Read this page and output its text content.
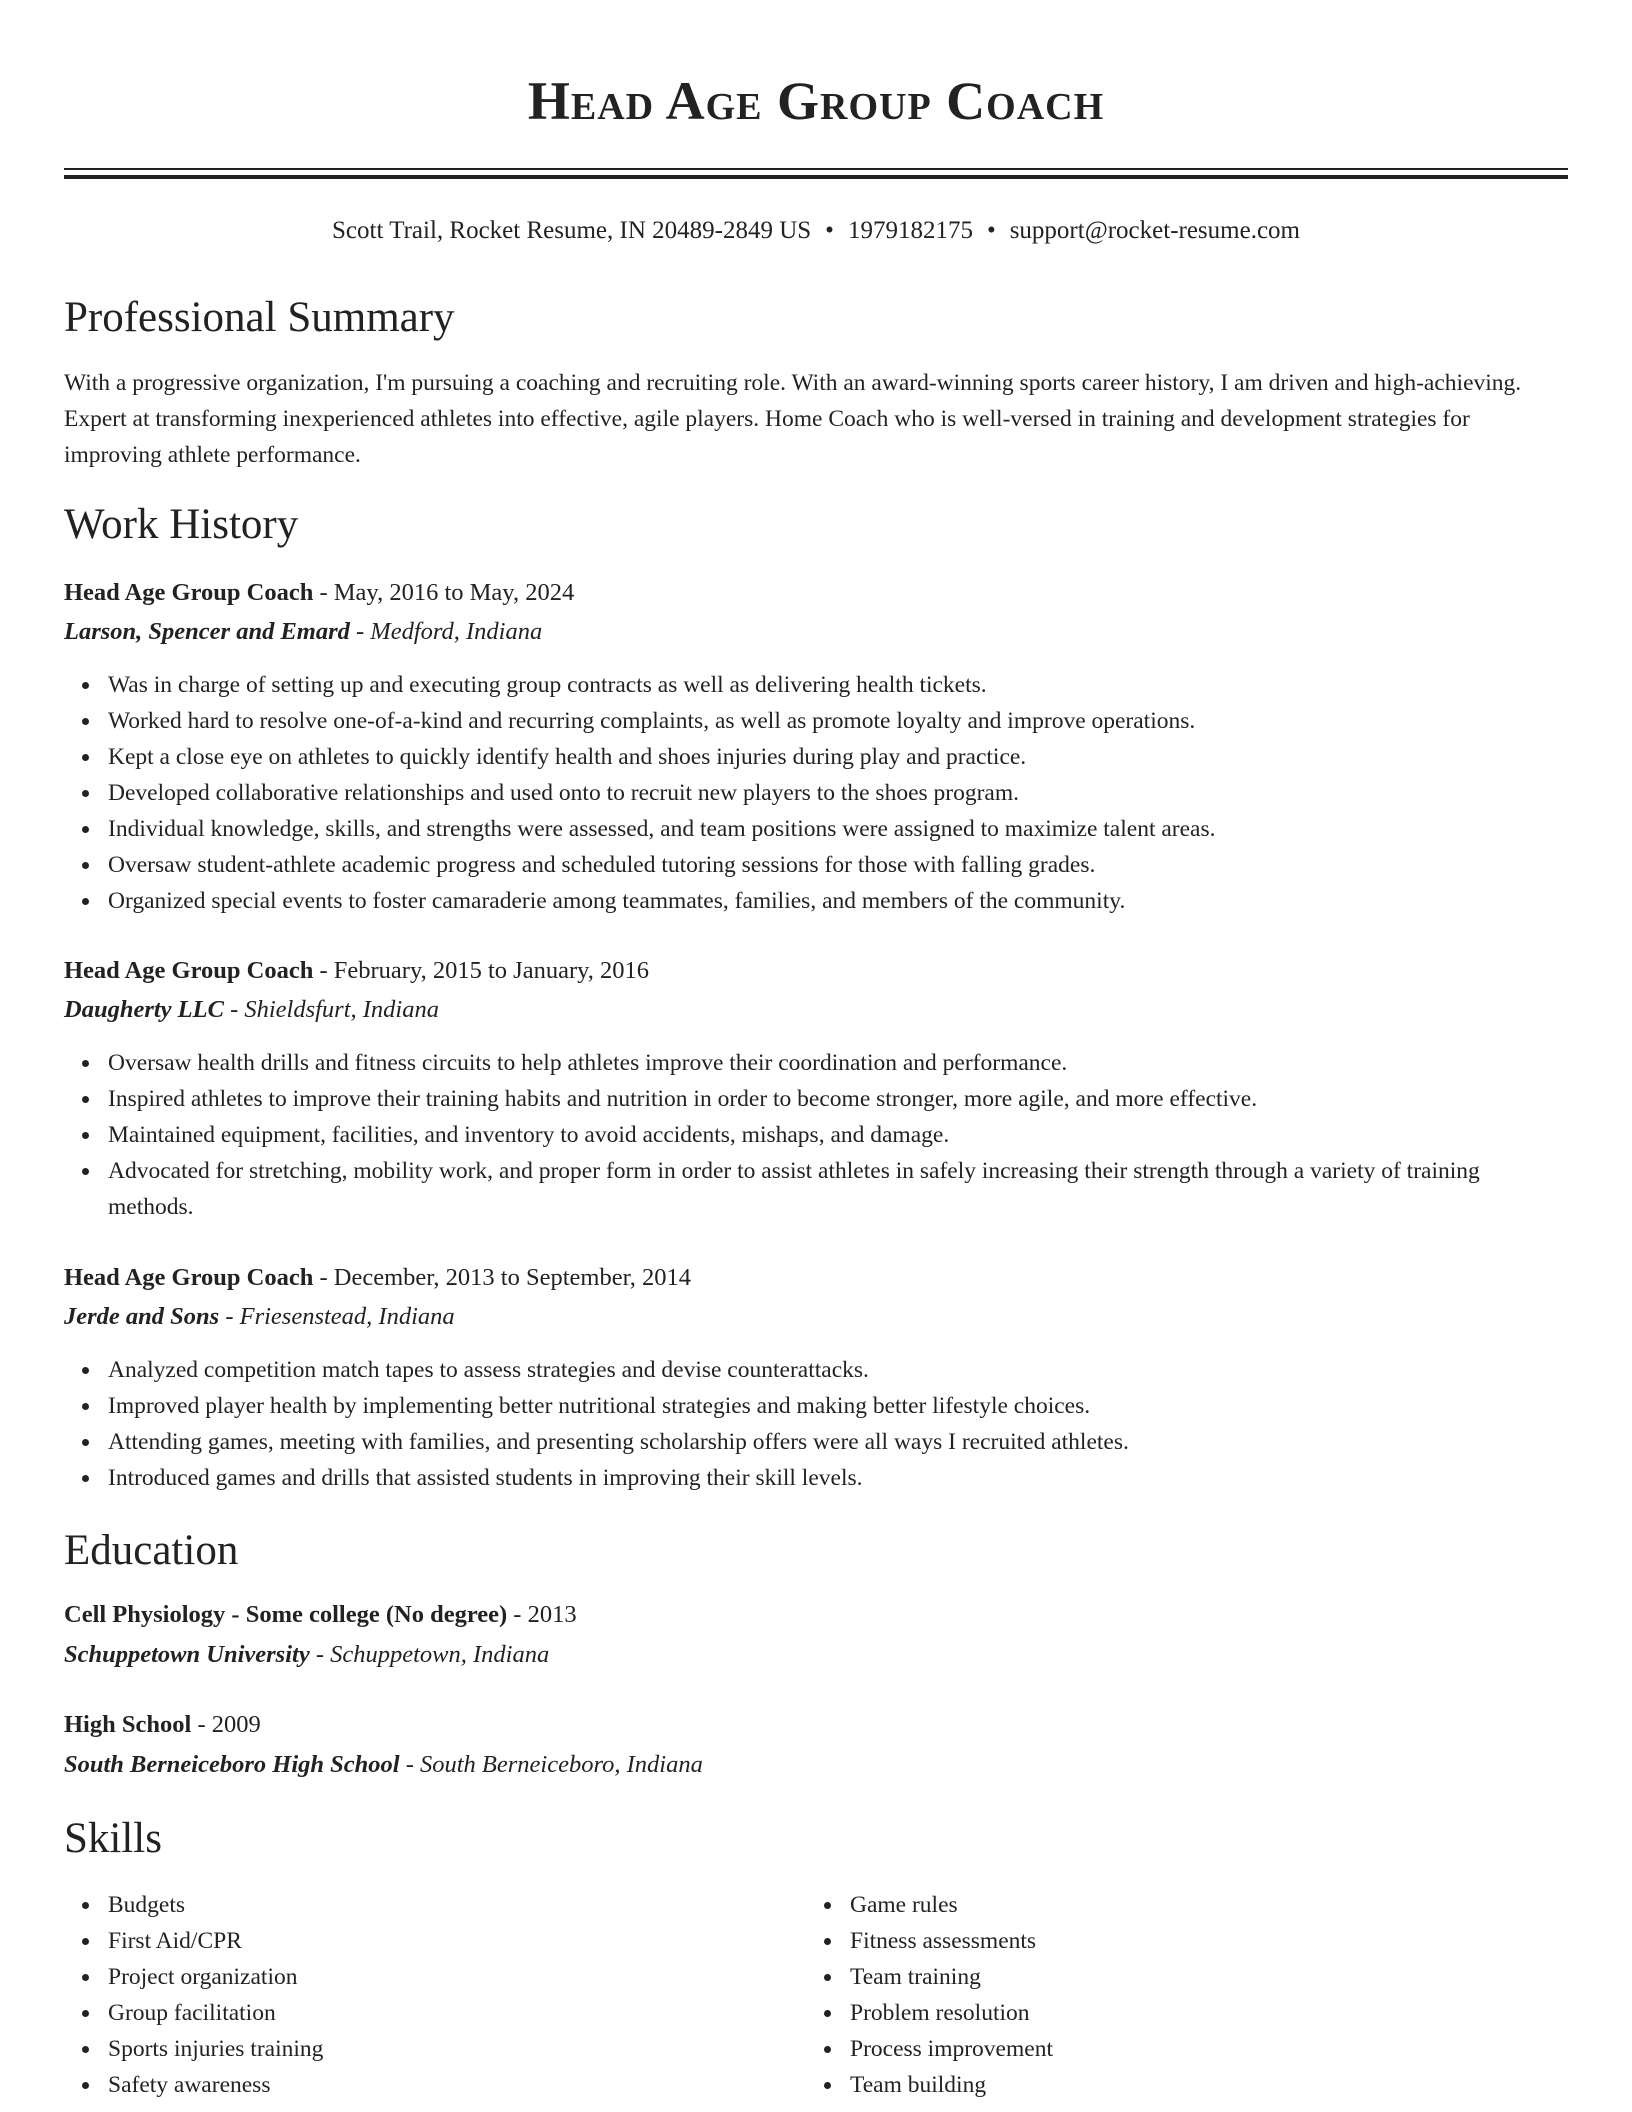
Head Age Group Coach
Scott Trail, Rocket Resume, IN 20489-2849 US • 1979182175 • support@rocket-resume.com
Professional Summary

With a progressive organization, I'm pursuing a coaching and recruiting role. With an award-winning sports career history, I am driven and high-achieving. Expert at transforming inexperienced athletes into effective, agile players. Home Coach who is well-versed in training and development strategies for improving athlete performance.

Work History
Head Age Group Coach - May, 2016 to May, 2024
Larson, Spencer and Emard - Medford, Indiana
Was in charge of setting up and executing group contracts as well as delivering health tickets.
Worked hard to resolve one-of-a-kind and recurring complaints, as well as promote loyalty and improve operations.
Kept a close eye on athletes to quickly identify health and shoes injuries during play and practice.
Developed collaborative relationships and used onto to recruit new players to the shoes program.
Individual knowledge, skills, and strengths were assessed, and team positions were assigned to maximize talent areas.
Oversaw student-athlete academic progress and scheduled tutoring sessions for those with falling grades.
Organized special events to foster camaraderie among teammates, families, and members of the community.
Head Age Group Coach - February, 2015 to January, 2016
Daugherty LLC - Shieldsfurt, Indiana
Oversaw health drills and fitness circuits to help athletes improve their coordination and performance.
Inspired athletes to improve their training habits and nutrition in order to become stronger, more agile, and more effective.
Maintained equipment, facilities, and inventory to avoid accidents, mishaps, and damage.
Advocated for stretching, mobility work, and proper form in order to assist athletes in safely increasing their strength through a variety of training methods.
Head Age Group Coach - December, 2013 to September, 2014
Jerde and Sons - Friesenstead, Indiana
Analyzed competition match tapes to assess strategies and devise counterattacks.
Improved player health by implementing better nutritional strategies and making better lifestyle choices.
Attending games, meeting with families, and presenting scholarship offers were all ways I recruited athletes.
Introduced games and drills that assisted students in improving their skill levels.
Education
Cell Physiology - Some college (No degree) - 2013
Schuppetown University - Schuppetown, Indiana
High School - 2009
South Berneiceboro High School - South Berneiceboro, Indiana
Skills
Budgets
First Aid/CPR
Project organization
Group facilitation
Sports injuries training
Safety awareness
Game rules
Fitness assessments
Team training
Problem resolution
Process improvement
Team building
